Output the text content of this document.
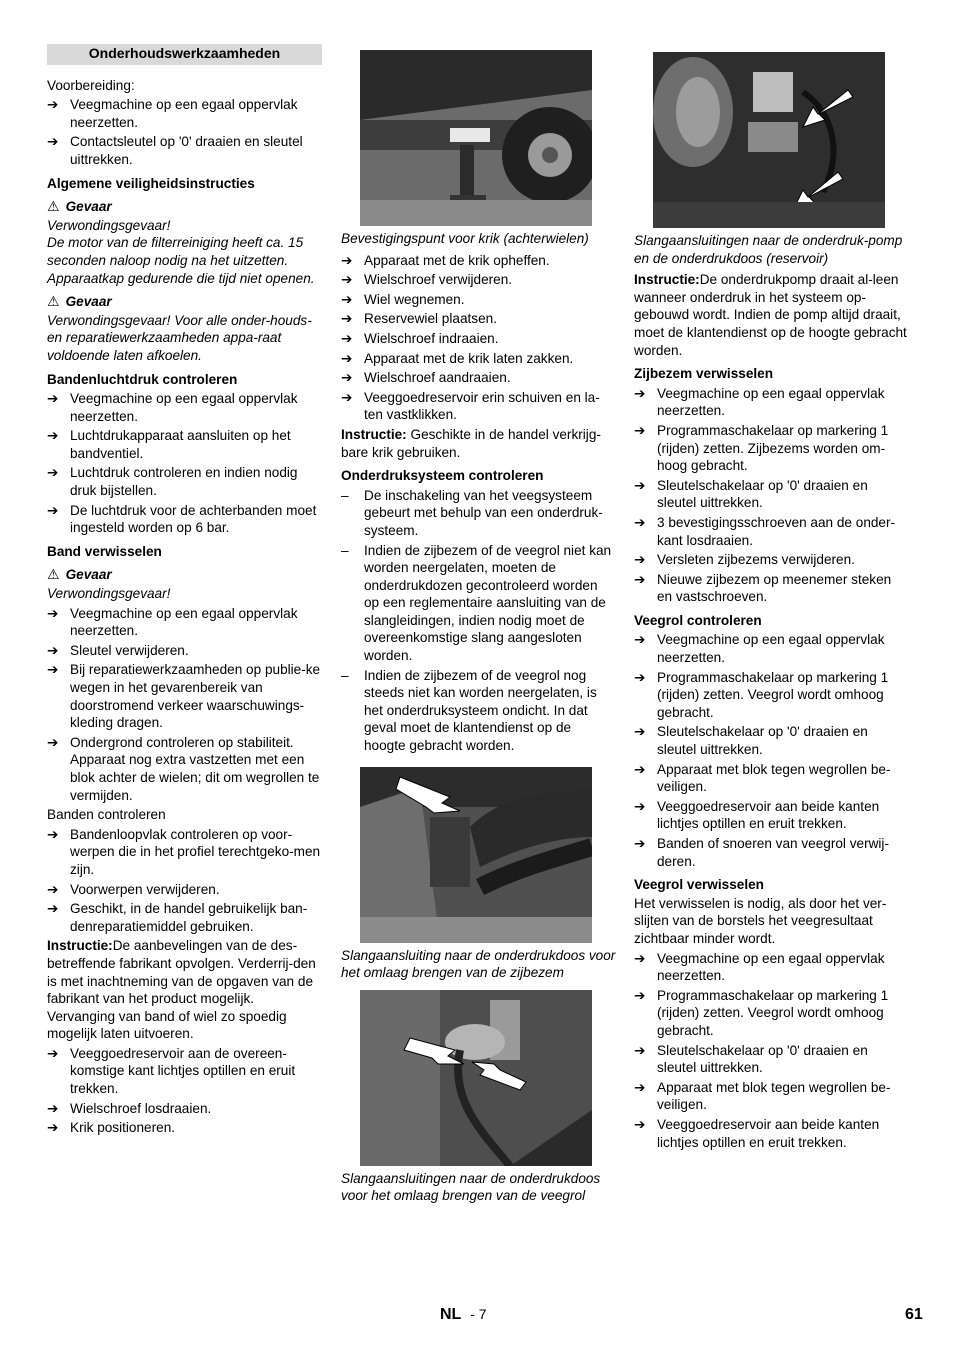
Onderhoudswerkzaamheden

Voorbereiding:

➔ Veegmachine op een egaal oppervlak neerzetten.
➔ Contactsleutel op '0' draaien en sleutel uittrekken.

Algemene veiligheidsinstructies

⚠ Gevaar

Verwondingsgevaar!

De motor van de filterreiniging heeft ca. 15 seconden naloop nodig na het uitzetten. Apparaatkap gedurende die tijd niet openen.

⚠ Gevaar

Verwondingsgevaar! Voor alle onder-houds- en reparatiewerkzaamheden appa-raat voldoende laten afkoelen.

Bandenluchtdruk controleren

➔ Veegmachine op een egaal oppervlak neerzetten.
➔ Luchtdrukapparaat aansluiten op het bandventiel.
➔ Luchtdruk controleren en indien nodig druk bijstellen.
➔ De luchtdruk voor de achterbanden moet ingesteld worden op 6 bar.

Band verwisselen

⚠ Gevaar

Verwondingsgevaar!

➔ Veegmachine op een egaal oppervlak neerzetten.
➔ Sleutel verwijderen.
➔ Bij reparatiewerkzaamheden op publie-ke wegen in het gevarenbereik van doorstromend verkeer waarschuwings-kleding dragen.
➔ Ondergrond controleren op stabiliteit. Apparaat nog extra vastzetten met een blok achter de wielen; dit om wegrollen te vermijden.

Banden controleren

➔ Bandenloopvlak controleren op voor-werpen die in het profiel terechtgeko-men zijn.
➔ Voorwerpen verwijderen.
➔ Geschikt, in de handel gebruikelijk ban-denreparatiemiddel gebruiken.

Instructie:De aanbevelingen van de des-betreffende fabrikant opvolgen. Verderrij-den is met inachtneming van de opgaven van de fabrikant van het product mogelijk. Vervanging van band of wiel zo spoedig mogelijk laten uitvoeren.

➔ Veeggoedreservoir aan de overeen-komstige kant lichtjes optillen en eruit trekken.
➔ Wielschroef losdraaien.
➔ Krik positioneren.

Bevestigingspunt voor krik (achterwielen)

➔ Apparaat met de krik opheffen.
➔ Wielschroef verwijderen.
➔ Wiel wegnemen.
➔ Reservewiel plaatsen.
➔ Wielschroef indraaien.
➔ Apparaat met de krik laten zakken.
➔ Wielschroef aandraaien.
➔ Veeggoedreservoir erin schuiven en la-ten vastklikken.

Instructie: Geschikte in de handel verkrijg-bare krik gebruiken.

Onderdruksysteem controleren

–	De inschakeling van het veegsysteem gebeurt met behulp van een onderdruk-systeem.
–	Indien de zijbezem of de veegrol niet kan worden neergelaten, moeten de onderdrukdozen gecontroleerd worden op een reglementaire aansluiting van de slangleidingen, indien nodig moet de overeenkomstige slang aangesloten worden.
–	Indien de zijbezem of de veegrol nog steeds niet kan worden neergelaten, is het onderdruksysteem ondicht. In dat geval moet de klantendienst op de hoogte gebracht worden.

Slangaansluiting naar de onderdrukdoos voor het omlaag brengen van de zijbezem

Slangaansluitingen naar de onderdrukdoos voor het omlaag brengen van de veegrol

Slangaansluitingen naar de onderdruk-pomp en de onderdrukdoos (reservoir)

Instructie:De onderdrukpomp draait al-leen wanneer onderdruk in het systeem op-gebouwd wordt. Indien de pomp altijd draait, moet de klantendienst op de hoogte gebracht worden.

Zijbezem verwisselen

➔ Veegmachine op een egaal oppervlak neerzetten.
➔ Programmaschakelaar op markering 1 (rijden) zetten. Zijbezems worden om-hoog gebracht.
➔ Sleutelschakelaar op '0' draaien en sleutel uittrekken.
➔ 3 bevestigingsschroeven aan de onder-kant losdraaien.
➔ Versleten zijbezems verwijderen.
➔ Nieuwe zijbezem op meenemer steken en vastschroeven.

Veegrol controleren

➔ Veegmachine op een egaal oppervlak neerzetten.
➔ Programmaschakelaar op markering 1 (rijden) zetten. Veegrol wordt omhoog gebracht.
➔ Sleutelschakelaar op '0' draaien en sleutel uittrekken.
➔ Apparaat met blok tegen wegrollen be-veiligen.
➔ Veeggoedreservoir aan beide kanten lichtjes optillen en eruit trekken.
➔ Banden of snoeren van veegrol verwij-deren.

Veegrol verwisselen

Het verwisselen is nodig, als door het ver-slijten van de borstels het veegresultaat zichtbaar minder wordt.

➔ Veegmachine op een egaal oppervlak neerzetten.
➔ Programmaschakelaar op markering 1 (rijden) zetten. Veegrol wordt omhoog gebracht.
➔ Sleutelschakelaar op '0' draaien en sleutel uittrekken.
➔ Apparaat met blok tegen wegrollen be-veiligen.
➔ Veeggoedreservoir aan beide kanten lichtjes optillen en eruit trekken.
NL - 7	61
